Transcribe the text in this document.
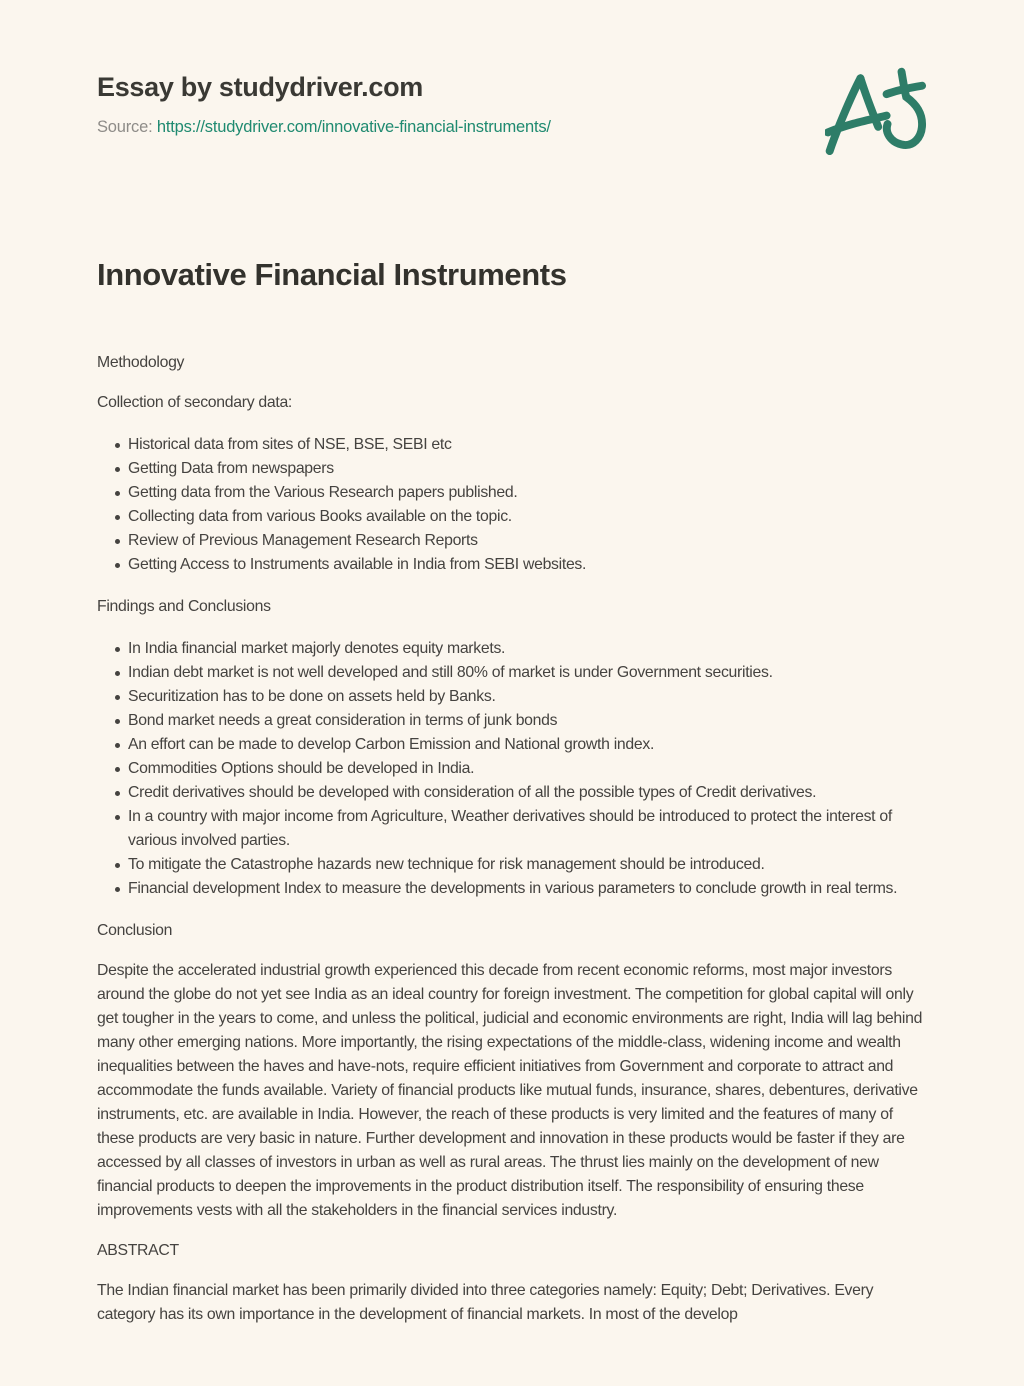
Essay by studydriver.com
Source: https://studydriver.com/innovative-financial-instruments/
Innovative Financial Instruments

Methodology

Collection of secondary data:

Historical data from sites of NSE, BSE, SEBI etc
Getting Data from newspapers
Getting data from the Various Research papers published.
Collecting data from various Books available on the topic.
Review of Previous Management Research Reports
Getting Access to Instruments available in India from SEBI websites.

Findings and Conclusions

In India financial market majorly denotes equity markets.
Indian debt market is not well developed and still 80% of market is under Government securities.
Securitization has to be done on assets held by Banks.
Bond market needs a great consideration in terms of junk bonds
An effort can be made to develop Carbon Emission and National growth index.
Commodities Options should be developed in India.
Credit derivatives should be developed with consideration of all the possible types of Credit derivatives.
In a country with major income from Agriculture, Weather derivatives should be introduced to protect the interest of various involved parties.
To mitigate the Catastrophe hazards new technique for risk management should be introduced.
Financial development Index to measure the developments in various parameters to conclude growth in real terms.

Conclusion

Despite the accelerated industrial growth experienced this decade from recent economic reforms, most major investors around the globe do not yet see India as an ideal country for foreign investment. The competition for global capital will only get tougher in the years to come, and unless the political, judicial and economic environments are right, India will lag behind many other emerging nations. More importantly, the rising expectations of the middle-class, widening income and wealth inequalities between the haves and have-nots, require efficient initiatives from Government and corporate to attract and accommodate the funds available. Variety of financial products like mutual funds, insurance, shares, debentures, derivative instruments, etc. are available in India. However, the reach of these products is very limited and the features of many of these products are very basic in nature. Further development and innovation in these products would be faster if they are accessed by all classes of investors in urban as well as rural areas. The thrust lies mainly on the development of new financial products to deepen the improvements in the product distribution itself. The responsibility of ensuring these improvements vests with all the stakeholders in the financial services industry.

ABSTRACT

The Indian financial market has been primarily divided into three categories namely: Equity; Debt; Derivatives. Every category has its own importance in the development of financial markets. In most of the develop
